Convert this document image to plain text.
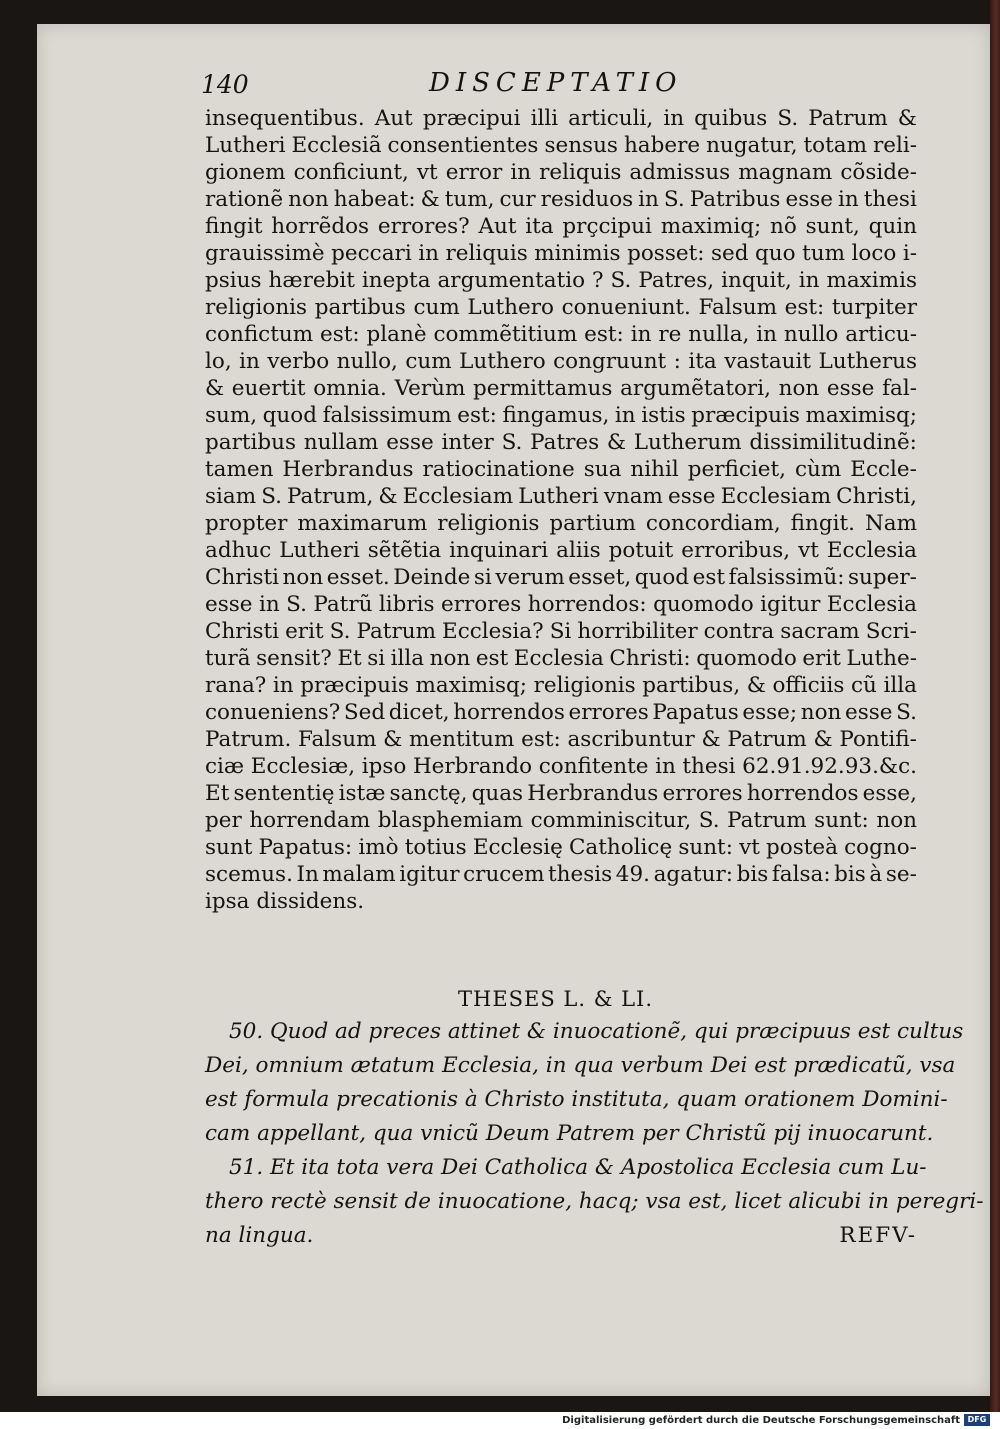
140	DISCEPTATIO
insequentibus. Aut præcipui illi articuli, in quibus S. Patrum &
Lutheri Ecclesiã consentientes sensus habere nugatur, totam reli-
gionem conficiunt, vt error in reliquis admissus magnam cõside-
rationẽ non habeat: & tum, cur residuos in S. Patribus esse in thesi
fingit horrẽdos errores? Aut ita prçcipui maximiq; nõ sunt, quin
grauissimè peccari in reliquis minimis posset: sed quo tum loco i-
psius hærebit inepta argumentatio ? S. Patres, inquit, in maximis
religionis partibus cum Luthero conueniunt. Falsum est: turpiter
confictum est: planè commẽtitium est: in re nulla, in nullo articu-
lo, in verbo nullo, cum Luthero congruunt : ita vastauit Lutherus
& euertit omnia. Verùm permittamus argumẽtatori, non esse fal-
sum, quod falsissimum est: fingamus, in istis præcipuis maximisq;
partibus nullam esse inter S. Patres & Lutherum dissimilitudinẽ:
tamen Herbrandus ratiocinatione sua nihil perficiet, cùm Eccle-
siam S. Patrum, & Ecclesiam Lutheri vnam esse Ecclesiam Christi,
propter maximarum religionis partium concordiam, fingit. Nam
adhuc Lutheri sẽtẽtia inquinari aliis potuit erroribus, vt Ecclesia
Christi non esset. Deinde si verum esset, quod est falsissimũ: super-
esse in S. Patrũ libris errores horrendos: quomodo igitur Ecclesia
Christi erit S. Patrum Ecclesia? Si horribiliter contra sacram Scri-
turã sensit? Et si illa non est Ecclesia Christi: quomodo erit Luthe-
rana? in præcipuis maximisq; religionis partibus, & officiis cũ illa
conueniens? Sed dicet, horrendos errores Papatus esse; non esse S.
Patrum. Falsum & mentitum est: ascribuntur & Patrum & Pontifi-
ciæ Ecclesiæ, ipso Herbrando confitente in thesi 62.91.92.93.&c.
Et sententię istæ sanctę, quas Herbrandus errores horrendos esse,
per horrendam blasphemiam comminiscitur, S. Patrum sunt: non
sunt Papatus: imò totius Ecclesię Catholicę sunt: vt posteà cogno-
scemus. In malam igitur crucem thesis 49. agatur: bis falsa: bis à se-
ipsa dissidens.
THESES L. & LI.
50. Quod ad preces attinet & inuocationẽ, qui præcipuus est cultus
Dei, omnium ætatum Ecclesia, in qua verbum Dei est prædicatũ, vsa
est formula precationis à Christo instituta, quam orationem Domini-
cam appellant, qua vnicũ Deum Patrem per Christũ pij inuocarunt.
51. Et ita tota vera Dei Catholica & Apostolica Ecclesia cum Lu-
thero rectè sensit de inuocatione, hacq; vsa est, licet alicubi in peregri-
na lingua.	REFV-
Digitalisierung gefördert durch die Deutsche Forschungsgemeinschaft DFG
